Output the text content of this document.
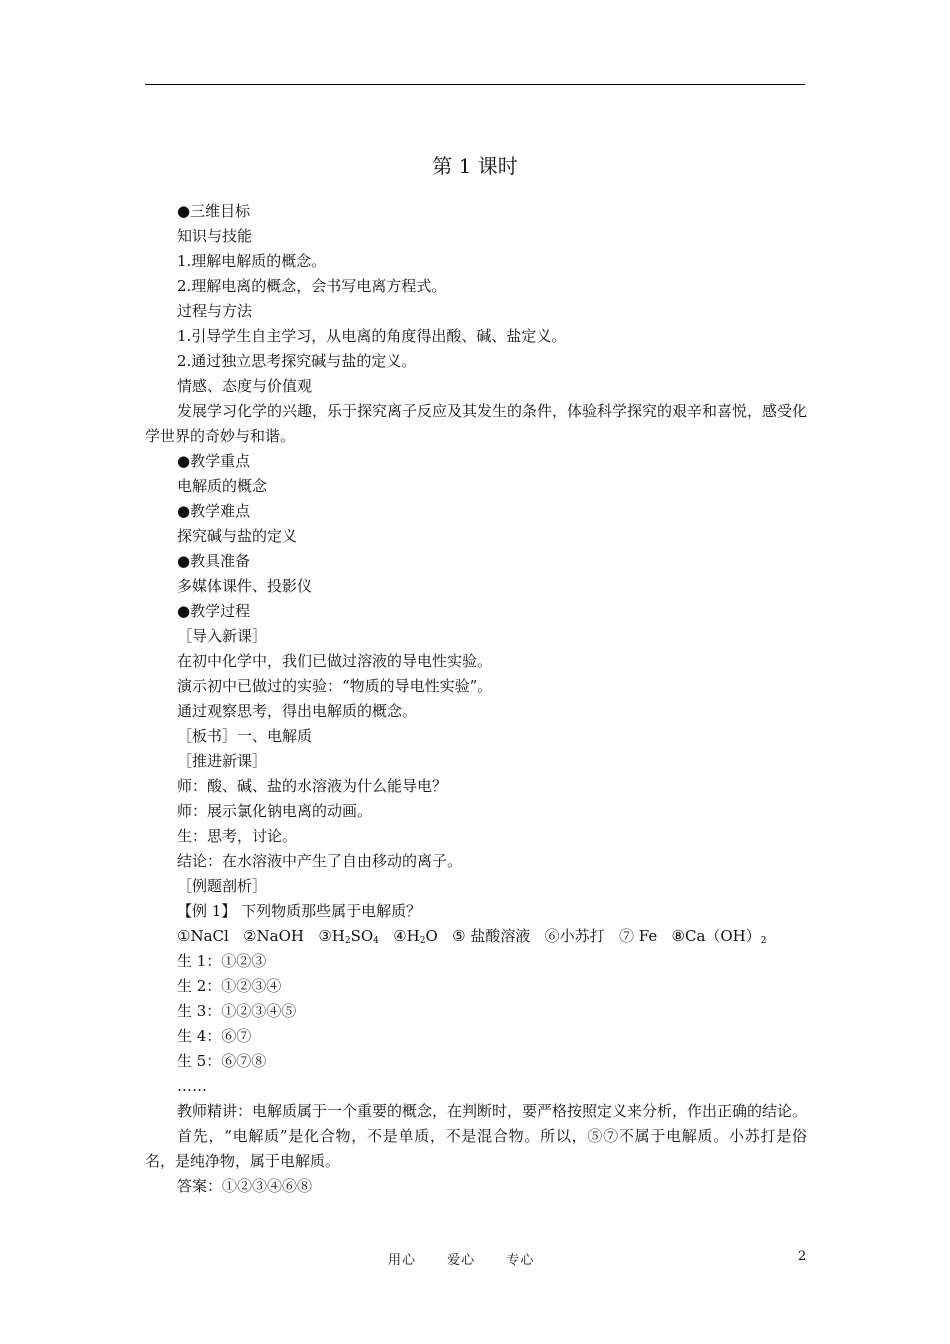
第 1 课时
●三维目标
知识与技能
1.理解电解质的概念。
2.理解电离的概念，会书写电离方程式。
过程与方法
1.引导学生自主学习，从电离的角度得出酸、碱、盐定义。
2.通过独立思考探究碱与盐的定义。
情感、态度与价值观
发展学习化学的兴趣，乐于探究离子反应及其发生的条件，体验科学探究的艰辛和喜悦，感受化学世界的奇妙与和谐。
●教学重点
电解质的概念
●教学难点
探究碱与盐的定义
●教具准备
多媒体课件、投影仪
●教学过程
［导入新课］
在初中化学中，我们已做过溶液的导电性实验。
演示初中已做过的实验：“物质的导电性实验”。
通过观察思考，得出电解质的概念。
［板书］一、电解质
［推进新课］
师：酸、碱、盐的水溶液为什么能导电？
师：展示氯化钠电离的动画。
生：思考，讨论。
结论：在水溶液中产生了自由移动的离子。
［例题剖析］
【例 1】 下列物质那些属于电解质？
①NaCl ②NaOH $③H_2SO_4$ $④H_2O$ ⑤ 盐酸溶液 ⑥小苏打 ⑦ Fe $⑧Ca(OH)_2$
生 1：①②③
生 2：①②③④
生 3：①②③④⑤
生 4：⑥⑦
生 5：⑥⑦⑧
……
教师精讲：电解质属于一个重要的概念，在判断时，要严格按照定义来分析，作出正确的结论。
首先，“电解质”是化合物，不是单质，不是混合物。所以，⑤⑦不属于电解质。小苏打是俗名，是纯净物，属于电解质。
答案：①②③④⑥⑧
用心 爱心 专心	2
